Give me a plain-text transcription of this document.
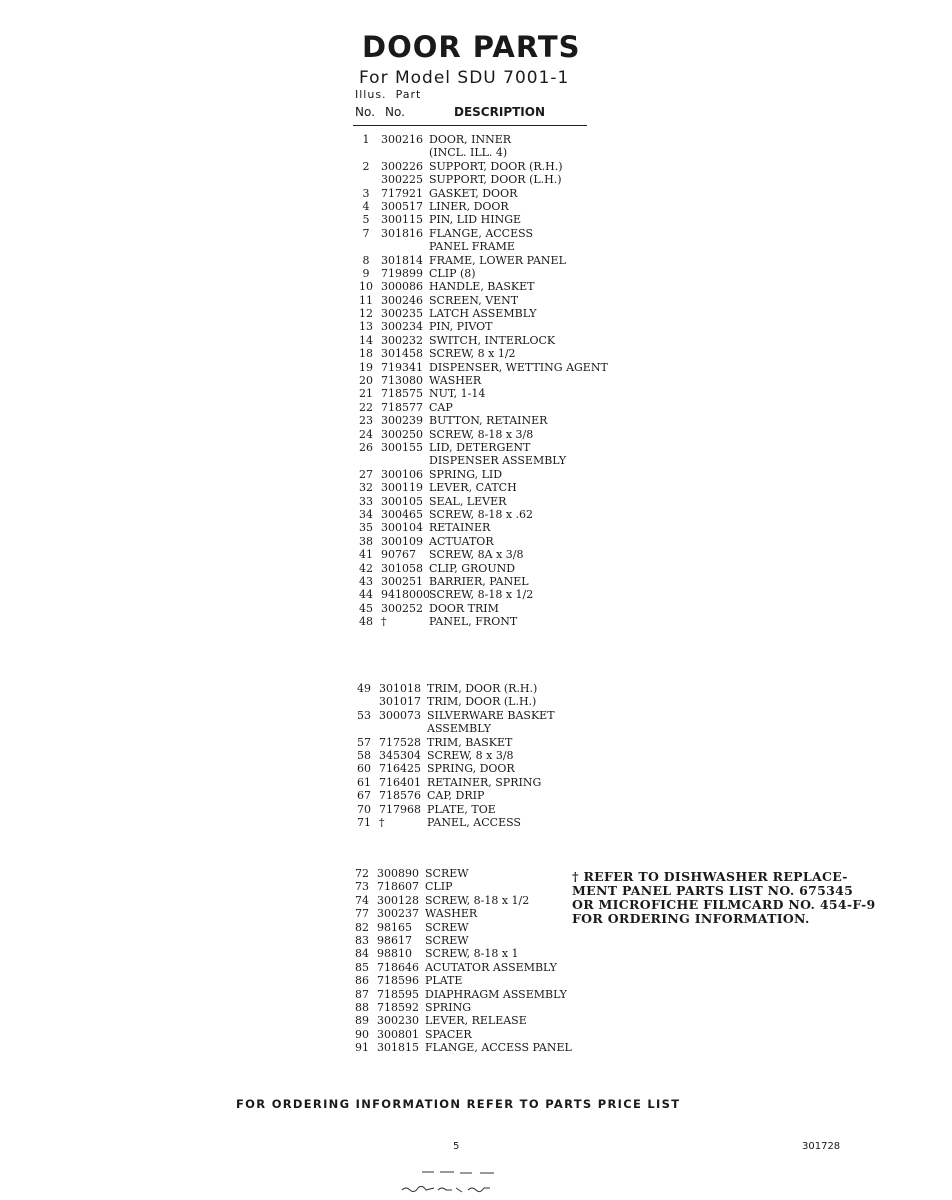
DOOR PARTS
For Model SDU 7001-1
Illus. Part
No. No.	DESCRIPTION
1	300216 DOOR, INNER
(INCL. ILL. 4)
2	300226 SUPPORT, DOOR (R.H.)
300225 SUPPORT, DOOR (L.H.)
3	717921 GASKET, DOOR
4	300517 LINER, DOOR
5	300115 PIN, LID HINGE
7	301816 FLANGE, ACCESS
PANEL FRAME
8	301814 FRAME, LOWER PANEL
9	719899 CLIP (8)
10 300086 HANDLE, BASKET
11 300246 SCREEN, VENT
12 300235 LATCH ASSEMBLY
13 300234 PIN, PIVOT
14 300232 SWITCH, INTERLOCK
18 301458 SCREW, 8 x 1/2
19 719341 DISPENSER, WETTING AGENT
20 713080 WASHER
21 718575 NUT, 1-14
22 718577 CAP
23 300239 BUTTON, RETAINER
24 300250 SCREW, 8-18 x 3/8
26 300155 LID, DETERGENT
DISPENSER ASSEMBLY
27 300106 SPRING, LID
32 300119 LEVER, CATCH
33 300105 SEAL, LEVER
34 300465 SCREW, 8-18 x .62
35 300104 RETAINER
38 300109 ACTUATOR
41 90767	SCREW, 8A x 3/8
42 301058 CLIP, GROUND
43 300251 BARRIER, PANEL
44 9418000 SCREW, 8-18 x 1/2
45 300252 DOOR TRIM
48 †	PANEL, FRONT
49 301018 TRIM, DOOR (R.H.)
301017 TRIM, DOOR (L.H.)
53 300073 SILVERWARE BASKET
ASSEMBLY
57 717528 TRIM, BASKET
58 345304 SCREW, 8 x 3/8
60 716425 SPRING, DOOR
61 716401 RETAINER, SPRING
67 718576 CAP, DRIP
70 717968 PLATE, TOE
71 †	PANEL, ACCESS
72 300890 SCREW
73 718607 CLIP
74 300128 SCREW, 8-18 x 1/2
77 300237 WASHER
82 98165	SCREW
83 98617	SCREW
84 98810	SCREW, 8-18 x 1
85 718646 ACUTATOR ASSEMBLY
86 718596 PLATE
87 718595 DIAPHRAGM ASSEMBLY
88 718592 SPRING
89 300230 LEVER, RELEASE
90 300801 SPACER
91 301815 FLANGE, ACCESS PANEL
† REFER TO DISHWASHER REPLACE-
MENT PANEL PARTS LIST NO. 675345
OR MICROFICHE FILMCARD NO. 454-F-9
FOR ORDERING INFORMATION.
FOR ORDERING INFORMATION REFER TO PARTS PRICE LIST
5	301728
